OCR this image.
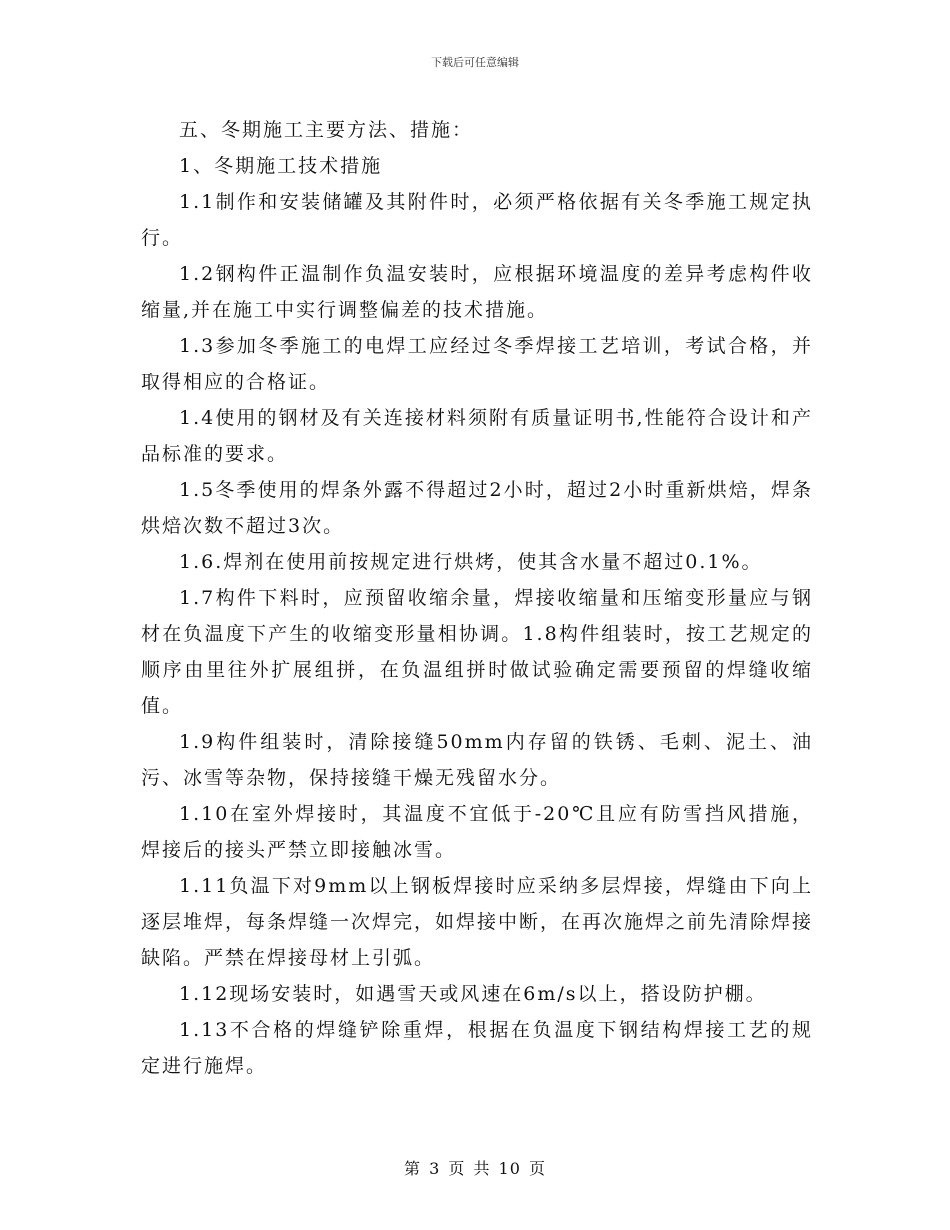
下载后可任意编辑

五、冬期施工主要方法、措施：

1、冬期施工技术措施

1.1制作和安装储罐及其附件时，必须严格依据有关冬季施工规定执行。

1.2钢构件正温制作负温安装时，应根据环境温度的差异考虑构件收缩量,并在施工中实行调整偏差的技术措施。

1.3参加冬季施工的电焊工应经过冬季焊接工艺培训，考试合格，并取得相应的合格证。

1.4使用的钢材及有关连接材料须附有质量证明书,性能符合设计和产品标准的要求。

1.5冬季使用的焊条外露不得超过2小时，超过2小时重新烘焙，焊条烘焙次数不超过3次。

1.6.焊剂在使用前按规定进行烘烤，使其含水量不超过0.1%。

1.7构件下料时，应预留收缩余量，焊接收缩量和压缩变形量应与钢材在负温度下产生的收缩变形量相协调。1.8构件组装时，按工艺规定的顺序由里往外扩展组拼，在负温组拼时做试验确定需要预留的焊缝收缩值。

1.9构件组装时，清除接缝50mm内存留的铁锈、毛刺、泥土、油污、冰雪等杂物，保持接缝干燥无残留水分。

1.10在室外焊接时，其温度不宜低于-20℃且应有防雪挡风措施，焊接后的接头严禁立即接触冰雪。

1.11负温下对9mm以上钢板焊接时应采纳多层焊接，焊缝由下向上逐层堆焊，每条焊缝一次焊完，如焊接中断，在再次施焊之前先清除焊接缺陷。严禁在焊接母材上引弧。

1.12现场安装时，如遇雪天或风速在6m/s以上，搭设防护棚。

1.13不合格的焊缝铲除重焊，根据在负温度下钢结构焊接工艺的规定进行施焊。

第 3 页 共 10 页
